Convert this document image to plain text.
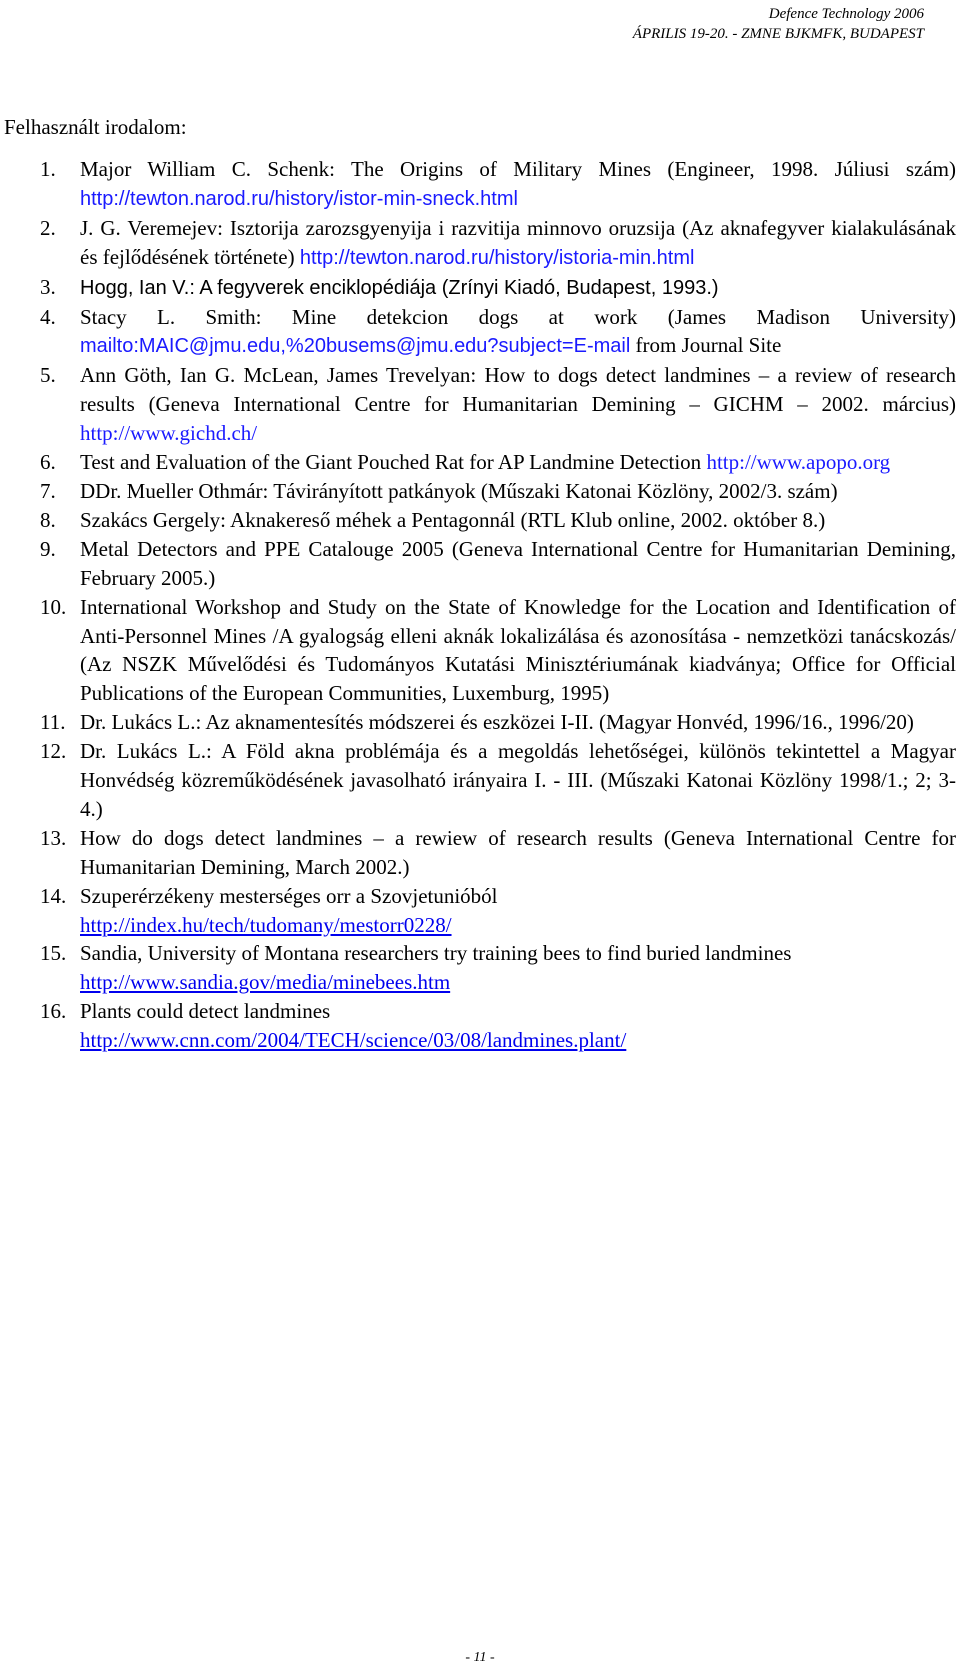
Defence Technology 2006
ÁPRILIS 19-20. - ZMNE BJKMFK, BUDAPEST
Felhasznált irodalom:
1. Major William C. Schenk: The Origins of Military Mines (Engineer, 1998. Júliusi szám) http://tewton.narod.ru/history/istor-min-sneck.html
2. J. G. Veremejev: Isztorija zarozsgyenyija i razvitija minnovo oruzsija (Az aknafegyver kialakulásának és fejlődésének története) http://tewton.narod.ru/history/istoria-min.html
3. Hogg, Ian V.: A fegyverek enciklopédiája (Zrínyi Kiadó, Budapest, 1993.)
4. Stacy L. Smith: Mine detekcion dogs at work (James Madison University) mailto:MAIC@jmu.edu,%20busems@jmu.edu?subject=E-mail from Journal Site
5. Ann Göth, Ian G. McLean, James Trevelyan: How to dogs detect landmines – a review of research results (Geneva International Centre for Humanitarian Demining – GICHM – 2002. március) http://www.gichd.ch/
6. Test and Evaluation of the Giant Pouched Rat for AP Landmine Detection http://www.apopo.org
7. DDr. Mueller Othmár: Távirányított patkányok (Műszaki Katonai Közlöny, 2002/3. szám)
8. Szakács Gergely: Aknakereső méhek a Pentagonnál (RTL Klub online, 2002. október 8.)
9. Metal Detectors and PPE Catalouge 2005 (Geneva International Centre for Humanitarian Demining, February 2005.)
10. International Workshop and Study on the State of Knowledge for the Location and Identification of Anti-Personnel Mines /A gyalogság elleni aknák lokalizálása és azonosítása - nemzetközi tanácskozás/ (Az NSZK Művelődési és Tudományos Kutatási Minisztériumának kiadványa; Office for Official Publications of the European Communities, Luxemburg, 1995)
11. Dr. Lukács L.: Az aknamentesítés módszerei és eszközei I-II. (Magyar Honvéd, 1996/16., 1996/20)
12. Dr. Lukács L.: A Föld akna problémája és a megoldás lehetőségei, különös tekintettel a Magyar Honvédség közreműködésének javasolható irányaira I. - III. (Műszaki Katonai Közlöny 1998/1.; 2; 3-4.)
13. How do dogs detect landmines – a rewiew of research results (Geneva International Centre for Humanitarian Demining, March 2002.)
14. Szuperérzékeny mesterséges orr a Szovjetunióból
http://index.hu/tech/tudomany/mestorr0228/
15. Sandia, University of Montana researchers try training bees to find buried landmines
http://www.sandia.gov/media/minebees.htm
16. Plants could detect landmines
http://www.cnn.com/2004/TECH/science/03/08/landmines.plant/
- 11 -
